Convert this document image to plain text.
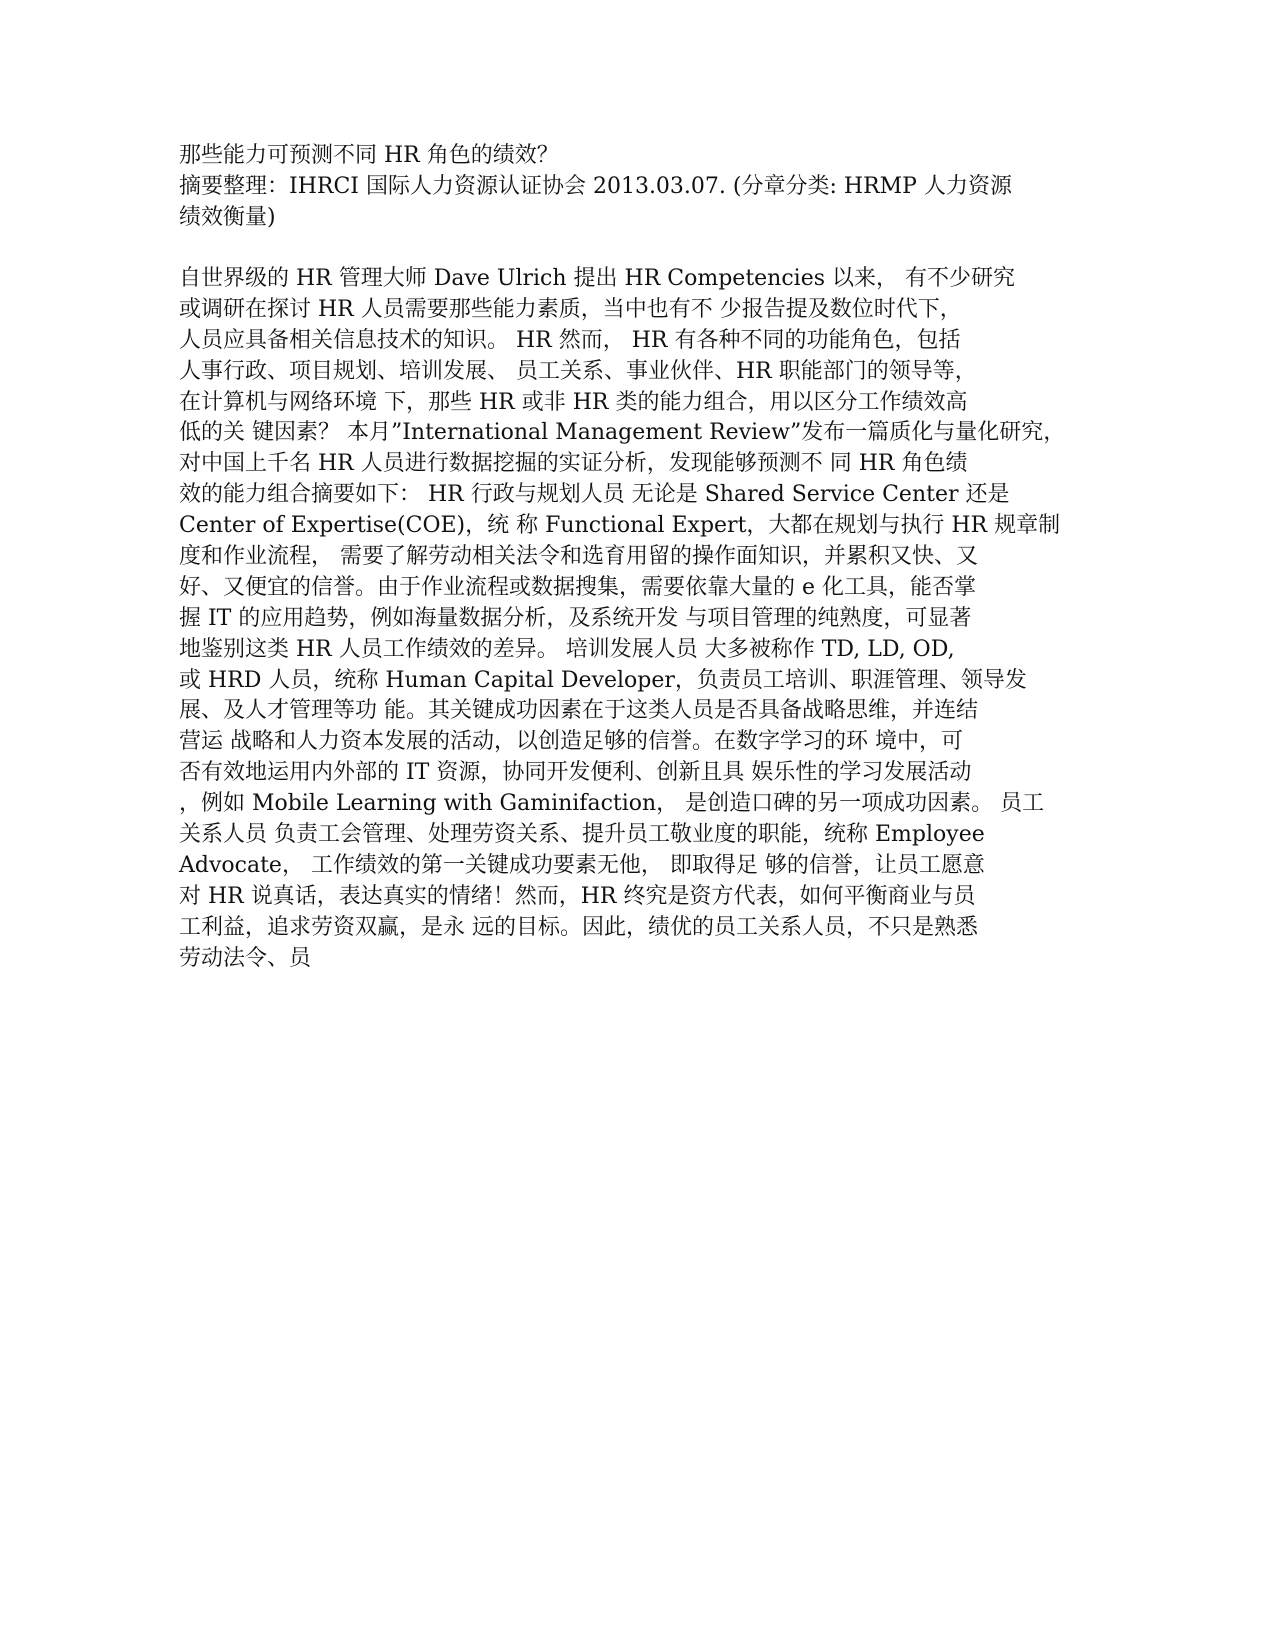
那些能力可预测不同 HR 角色的绩效？
摘要整理：IHRCI 国际人力资源认证协会 2013.03.07. (分章分类: HRMP 人力资源
绩效衡量)
自世界级的 HR 管理大师 Dave Ulrich 提出 HR Competencies 以来， 有不少研究
或调研在探讨 HR 人员需要那些能力素质，当中也有不 少报告提及数位时代下，
人员应具备相关信息技术的知识。 HR 然而， HR 有各种不同的功能角色，包括
人事行政、项目规划、培训发展、 员工关系、事业伙伴、HR 职能部门的领导等，
在计算机与网络环境 下，那些 HR 或非 HR 类的能力组合，用以区分工作绩效高
低的关 键因素？ 本月”International Management Review”发布一篇质化与量化研究，
对中国上千名 HR 人员进行数据挖掘的实证分析，发现能够预测不 同 HR 角色绩
效的能力组合摘要如下： HR 行政与规划人员 无论是 Shared Service Center 还是
Center of Expertise(COE)，统 称 Functional Expert，大都在规划与执行 HR 规章制
度和作业流程， 需要了解劳动相关法令和选育用留的操作面知识，并累积又快、又
好、又便宜的信誉。由于作业流程或数据搜集，需要依靠大量的 e 化工具，能否掌
握 IT 的应用趋势，例如海量数据分析，及系统开发 与项目管理的纯熟度，可显著
地鉴别这类 HR 人员工作绩效的差异。 培训发展人员 大多被称作 TD, LD, OD,
或 HRD 人员，统称 Human Capital Developer，负责员工培训、职涯管理、领导发
展、及人才管理等功 能。其关键成功因素在于这类人员是否具备战略思维，并连结
营运 战略和人力资本发展的活动，以创造足够的信誉。在数字学习的环 境中，可
否有效地运用内外部的 IT 资源，协同开发便利、创新且具 娱乐性的学习发展活动
，例如 Mobile Learning with Gaminifaction， 是创造口碑的另一项成功因素。 员工
关系人员 负责工会管理、处理劳资关系、提升员工敬业度的职能，统称 Employee
Advocate， 工作绩效的第一关键成功要素无他， 即取得足 够的信誉，让员工愿意
对 HR 说真话，表达真实的情绪！然而，HR 终究是资方代表，如何平衡商业与员
工利益，追求劳资双赢，是永 远的目标。因此，绩优的员工关系人员，不只是熟悉
劳动法令、员
